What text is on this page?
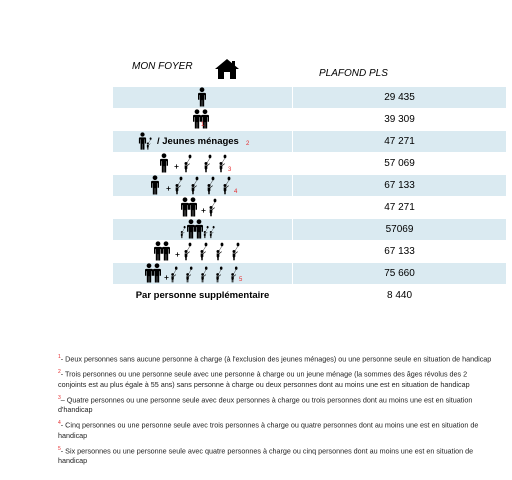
MON FOYER
PLAFOND PLS
	29 435

1	39 309

/ Jeunes ménages 2	47 271

3	57 069

4	67 133

	47 271

	57069

	67 133

5	75 660

Par personne supplémentaire	8 440

$^1$- Deux personnes sans aucune personne à charge (à l'exclusion des jeunes ménages) ou une personne seule en situation de handicap

$^2$- Trois personnes ou une personne seule avec une personne à charge ou un jeune ménage (la sommes des âges révolus des 2 conjoints est au plus égale à 55 ans) sans personne à charge ou deux personnes dont au moins une est en situation de handicap

$^3$– Quatre personnes ou une personne seule avec deux personnes à charge ou trois personnes dont au moins une est en situation d'handicap

$^4$- Cinq personnes ou une personne seule avec trois personnes à charge ou quatre personnes dont au moins une est en situation de handicap

$^5$- Six personnes ou une personne seule avec quatre personnes à charge ou cinq personnes dont au moins une est en situation de handicap
